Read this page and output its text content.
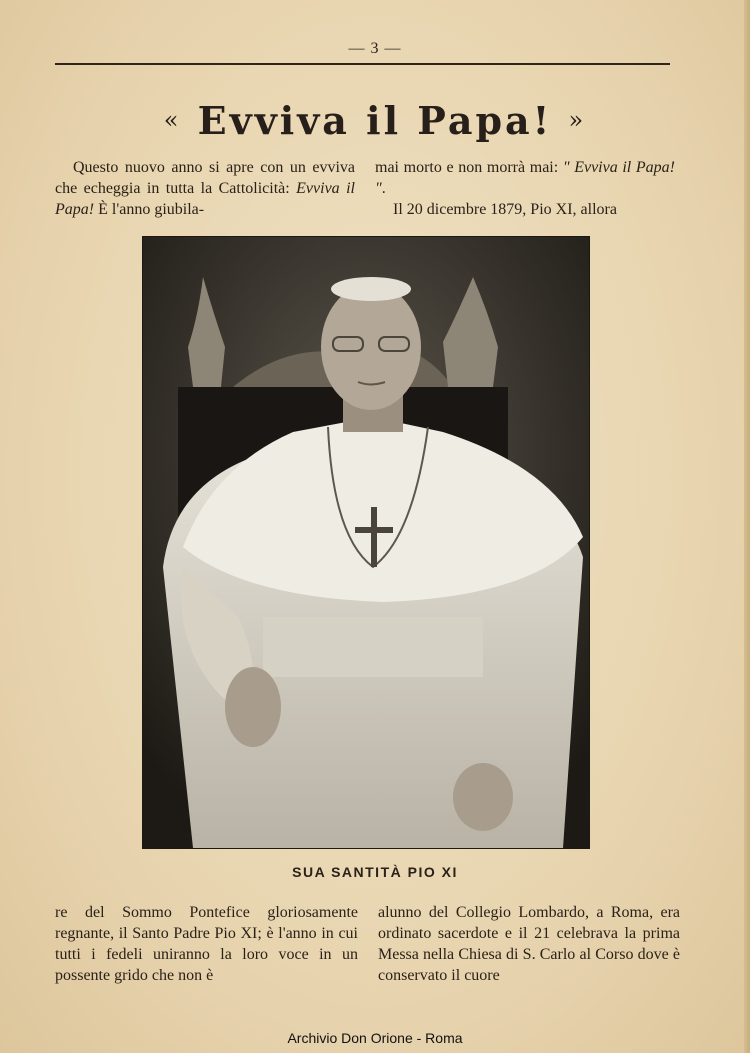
— 3 —
« Evviva il Papa! »

Questo nuovo anno si apre con un evviva che echeggia in tutta la Cattolicità: Evviva il Papa! È l'anno giubila-

mai morto e non morrà mai: " Evviva il Papa! ".

Il 20 dicembre 1879, Pio XI, allora

SUA SANTITÀ PIO XI

re del Sommo Pontefice gloriosamente regnante, il Santo Padre Pio XI; è l'anno in cui tutti i fedeli uniranno la loro voce in un possente grido che non è

alunno del Collegio Lombardo, a Roma, era ordinato sacerdote e il 21 celebrava la prima Messa nella Chiesa di S. Carlo al Corso dove è conservato il cuore

Archivio Don Orione - Roma
